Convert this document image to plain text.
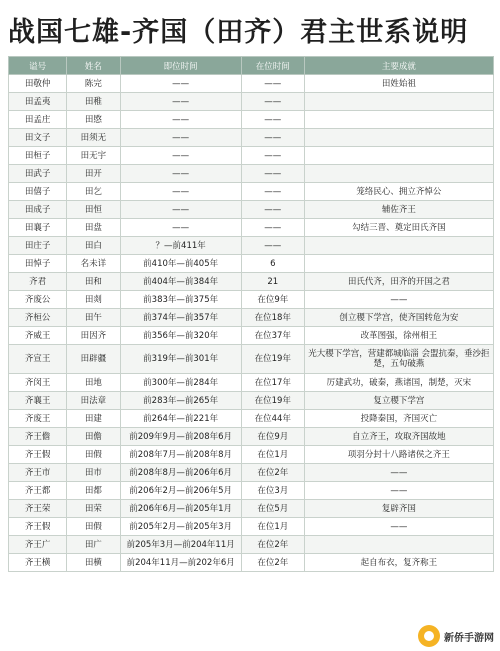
战国七雄-齐国（田齐）君主世系说明
谥号	姓名	即位时间	在位时间	主要成就
田敬仲	陈完	——	——	田姓始祖
田孟夷	田稚	——	——	
田孟庄	田愍	——	——	
田文子	田须无	——	——	
田桓子	田无宇	——	——	
田武子	田开	——	——	
田僖子	田乞	——	——	笼络民心、拥立齐悼公
田成子	田恒	——	——	辅佐齐王
田襄子	田盘	——	——	勾结三晋、奠定田氏齐国
田庄子	田白	？—前411年	——	
田悼子	名未详	前410年—前405年	6	
齐君	田和	前404年—前384年	21	田氏代齐，田齐的开国之君
齐废公	田剡	前383年—前375年	在位9年	——
齐桓公	田午	前374年—前357年	在位18年	创立稷下学宫，使齐国转危为安
齐威王	田因齐	前356年—前320年	在位37年	改革图强，徐州相王
齐宣王	田辟疆	前319年—前301年	在位19年	光大稷下学宫，营建都城临淄 会盟抗秦，垂沙拒楚，五旬破燕
齐闵王	田地	前300年—前284年	在位17年	厉建武功，破秦，燕诸国，制楚，灭宋
齐襄王	田法章	前283年—前265年	在位19年	复立稷下学宫
齐废王	田建	前264年—前221年	在位44年	投降秦国，齐国灭亡
齐王儋	田儋	前209年9月—前208年6月	在位9月	自立齐王，攻取齐国故地
齐王假	田假	前208年7月—前208年8月	在位1月	项羽分封十八路诸侯之齐王
齐王市	田市	前208年8月—前206年6月	在位2年	——
齐王都	田都	前206年2月—前206年5月	在位3月	——
齐王荣	田荣	前206年6月—前205年1月	在位5月	复辟齐国
齐王假	田假	前205年2月—前205年3月	在位1月	——
齐王广	田广	前205年3月—前204年11月	在位2年	
齐王横	田横	前204年11月—前202年6月	在位2年	起自布衣，复齐称王
新侨手游网
